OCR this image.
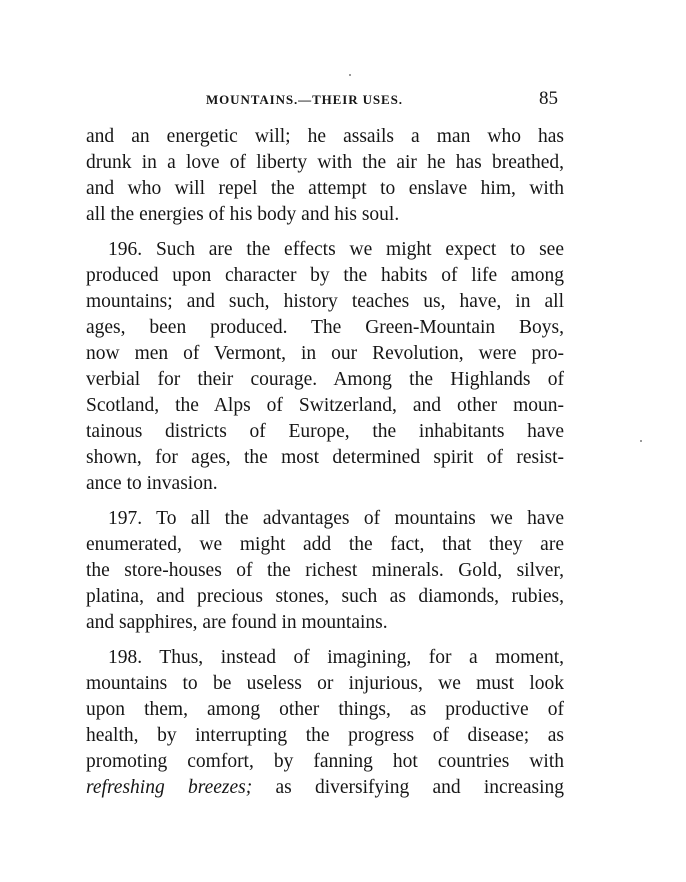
MOUNTAINS.—THEIR USES.	85
and an energetic will; he assails a man who has
drunk in a love of liberty with the air he has breathed,
and who will repel the attempt to enslave him, with
all the energies of his body and his soul.
196. Such are the effects we might expect to see
produced upon character by the habits of life among
mountains; and such, history teaches us, have, in all
ages, been produced. The Green-Mountain Boys,
now men of Vermont, in our Revolution, were pro-
verbial for their courage. Among the Highlands of
Scotland, the Alps of Switzerland, and other moun-
tainous districts of Europe, the inhabitants have
shown, for ages, the most determined spirit of resist-
ance to invasion.
197. To all the advantages of mountains we have
enumerated, we might add the fact, that they are
the store-houses of the richest minerals. Gold, silver,
platina, and precious stones, such as diamonds, rubies,
and sapphires, are found in mountains.
198. Thus, instead of imagining, for a moment,
mountains to be useless or injurious, we must look
upon them, among other things, as productive of
health, by interrupting the progress of disease; as
promoting comfort, by fanning hot countries with
refreshing breezes; as diversifying and increasing
